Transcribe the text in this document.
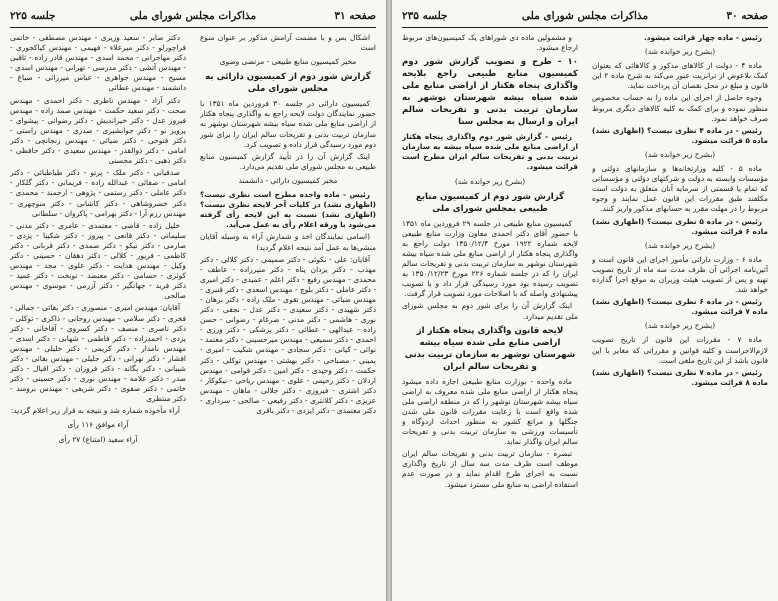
جلسه ۲۲۵	مذاکرات مجلس شورای ملی	صفحه ۳۱

اشکال بس و با مضمت آرامش مذکور بر عنوان منوع است

مخبر کمیسیون منابع طبیعی - مرتضی وضوی

گزارش شور دوم از کمیسیون دارائی به مجلس شورای ملی

کمیسیون دارائی در جلسه ۳۰ فروردین ماه ۱۳۵۱ با حضور نمایندگان دولت لایحه راجع به واگذاری پنجاه هکتار از اراضی منابع ملی شده سیاه بیشه شهرستان نوشهر به سازمان تربیت بدنی و تفریحات سالم ایران را برای شور دوم مورد رسیدگی قرار داده و تصویب کرد.

اینک گزارش آن را در تأیید گزارش کمیسیون منابع طبیعی به مجلس شورای ملی تقدیم می‌دارد.

مخبر کمیسیون دارائی - دانشمند

رئیس - ماده واحده مطرح است نظری نیست؟ (اظهاری نشد) در کلیات آخر لایحه نظری نیست؟ (اظهاری نشد) نسبت به این لایحه رأی گرفته می‌شود با ورقه اعلام رأی به عمل می‌آید.

(اسامی نمایندگان اخذ و شمارش آراء به وسیله آقایان منشی‌ها به عمل آمد نتیجه اعلام گردید)

آقایان: علی - نکوئی - دکتر صمیمی - دکتر کلالی - دکتر مهذب - دکتر یزدان پناه - دکتر منیرزاده - عاطف - محمدی - مهندس رفیع - دکتر اعلم - عمیدی - دکتر امیری - دکتر عاملی - دکتر بلوچ - مهندس اسعدی - دکتر قنبری - مهندس ضیائی - مهندس تقوی - ملک زاده - دکتر برهان - دکتر شهیدی - دکتر سعیدی - دکتر عدل - نجفی - دکتر نوری - هاشمی - دکتر مدنی - ضرغام - رضوانی - حسن زاده - عبدالهی - عطائی - دکتر پزشکی - دکتر ورزی - احمدی - دکتر سمیعی - مهندس میرحسینی - دکتر معتمد - نوائی - کیانی - دکتر سجادی - مهندس شکیب - امیری - یمینی - مصباحی - دکتر بهشتی - مهندس توکلی - دکتر حکمت - دکتر وحیدی - دکتر امین - دکتر قوامی - مهندس اردلان - دکتر رحیمی - علوی - مهندس ریاحی - نیکوکار - دکتر اشتری - فیروزی - دکتر جلالی - ماهان - مهندس عزیزی - دکتر کلانتری - دکتر رفیعی - صالحی - سرداری - دکتر معتمدی - دکتر ایزدی - دکتر باقری

دکتر صابر - سعید وزیری - مهندس مصطفی - خاتمی قراچورلو - دکتر میرعلاء - فهیمی - مهندس کیاکجوری - دکتر مهاجرانی - محمد اسدی - مهندس قادر زاده - ثاقبی - مهندس آتشی - دکتر مدرسی - تهرانی - مهندس اسدی - مسیح - مهندس جواهری - عباس میرزائی - صباغ - دانشمند - مهندس عطائی

دکتر آزاد - مهندس ناظری - دکتر احمدی - مهندس صحت - دکتر سعید حکمت - مهندس صمد زاده - مهندس فیروز عدل - دکتر خیراندیش - دکتر رضوانی - پیشوای - پرویز نو - دکتر جوانشیری - صدری - مهندس راستی - دکتر فتوحی - دکتر ضیائی - مهندس زنجانچی - دکتر امامی - دکتر ذوالقدر - مهندس سعیدی - دکتر حافظی - دکتر ذهبی - دکتر محسنی

صدقیانی - دکتر ملک - پرتو - دکتر طباطبائی - دکتر امامی - صفائی - عبدالله زاده - فریمانی - دکتر گلکار - دکتر عاملی - دکتر رستمی - پژوهی - ارجمند - محمدی - دکتر خسروشاهی - دکتر کاشانی - دکتر منوچهری - مهندس رزم آرا - دکتر بهرامی - پاکروان - سلطانی

خلیل زاده - قاضی - معتمدی - عامری - دکتر مدنی - سلیمانی - دکتر قانعی - پیروز - دکتر شکیبا - یزدی - صارمی - دکتر نیکو - دکتر صمدی - دکتر قربانی - دکتر کاظمی - فریور - کلالی - دکتر دهقان - حسینی - دکتر وکیل - مهندس هدایت - دکتر علوی - مجد - مهندس کوثری - حسامی - دکتر معتضد - نوبخت - دکتر عمید - دکتر فرید - جهانگیر - دکتر آزرمی - موسوی - مهندس صالحی

آقایان: مهندس امیری - منصوری - دکتر بقائی - جمالی - فخری - دکتر سلامی - مهندس روحانی - ذاکری - توکلی - دکتر ناصری - منصف - دکتر کسروی - آقاخانی - دکتر یزدی - احمدزاده - دکتر فاطمی - شهابی - دکتر اسدی - مهندس نامدار - دکتر کریمی - دکتر خلیلی - مهندس افشار - دکتر تهرانی - دکتر جلیلی - مهندس بقائی - دکتر شیبانی - دکتر یگانه - دکتر فروزان - دکتر اقبال - دکتر صدر - دکتر علامه - مهندس نوری - دکتر حسینی - دکتر خاتمی - دکتر صفوی - دکتر شریفی - مهندس برومند - دکتر منتظری

آراء مأخوذه شماره شد و نتیجه به قرار زیر اعلام گردید:

آراء موافق ۱۱۶ رأی

آراء سفید (امتناع) ۲۷ رأی

جلسه ۲۳۵	مذاکرات مجلس شورای ملی	صفحه ۳۰

رئیس - ماده چهار قرائت میشود.

(بشرح زیر خوانده شد)

ماده ۴ - دولت از کالاهای مذکور و کالاهائی که بعنوان کمک بلاعوض از ترانزیت عبور می‌کند به شرح ماده ۲ این قانون و مبلغ در محل نقصان آن پرداخت نماید.

وجوه حاصل از اجرای این ماده را به حساب مخصوص منظور نموده و برای کمک به کلیه کالاهای دیگری مربوط صرف خواهد نمود.

رئیس - در ماده ۴ نظری نیست؟ (اظهاری نشد) ماده ۵ قرائت میشود.

(بشرح زیر خوانده شد)

ماده ۵ - کلیه وزارتخانه‌ها و سازمانهای دولتی و مؤسسات وابسته به دولت و شرکتهای دولتی و مؤسساتی که تمام یا قسمتی از سرمایه آنان متعلق به دولت است مکلفند طبق مقررات این قانون عمل نمایند و وجوه مربوط را در مهلت مقرر به حسابهای مذکور واریز کنند.

رئیس - در ماده ۵ نظری نیست؟ (اظهاری نشد) ماده ۶ قرائت میشود.

(بشرح زیر خوانده شد)

ماده ۶ - وزارت دارائی مأمور اجرای این قانون است و آئین‌نامه اجرائی آن ظرف مدت سه ماه از تاریخ تصویب تهیه و پس از تصویب هیئت وزیران به موقع اجرا گذارده خواهد شد.

رئیس - در ماده ۶ نظری نیست؟ (اظهاری نشد) ماده ۷ قرائت میشود.

(بشرح زیر خوانده شد)

ماده ۷ - مقررات این قانون از تاریخ تصویب لازم‌الاجراست و کلیه قوانین و مقرراتی که مغایر با این قانون باشد از این تاریخ ملغی است.

رئیس - در ماده ۷ نظری نیست؟ (اظهاری نشد) ماده ۸ قرائت میشود.

و مشمولین ماده دی شوراهای یک کمیسیون‌های مربوط ارجاع میشود.

۱۰ - طرح و تصویب گزارش شور دوم کمیسیون منابع طبیعی راجع بلایحه واگذاری پنجاه هکتار از اراضی منابع ملی شده سیاه بیشه شهرستان نوشهر به سازمان تربیت بدنی و تفریحات سالم ایران و ارسال به مجلس سنا

رئیس - گزارش شور دوم واگذاری پنجاه هکتار از اراضی منابع ملی شده سیاه بیشه به سازمان تربیت بدنی و تفریحات سالم ایران مطرح است قرائت میشود.

(بشرح زیر خوانده شد)

گزارش شور دوم از کمیسیون منابع طبیعی بمجلس شورای ملی

کمیسیون منابع طبیعی در جلسه ۲۹ فروردین ماه ۱۳۵۱ با حضور آقای دکتر احمدی معاون وزارت منابع طبیعی لایحه شماره ۱۹۲۲ مورخ ۱۳۵۰/۱۲/۴ دولت راجع به واگذاری پنجاه هکتار از اراضی منابع ملی شده سیاه بیشه شهرستان نوشهر به سازمان تربیت بدنی و تفریحات سالم ایران را که در جلسه شماره ۲۲۶ مورخ ۱۳۵۰/۱۲/۲۳ به تصویب رسیده بود مورد رسیدگی قرار داد و با تصویب پیشنهادی واصله که با اصلاحات مورد تصویب قرار گرفت.

اینک گزارش آن را برای شور دوم به مجلس شورای ملی تقدیم میدارد.

لایحه قانون واگذاری پنجاه هکتار از اراضی منابع ملی شده سیاه بیشه شهرستان نوشهر به سازمان تربیت بدنی و تفریحات سالم ایران

ماده واحده - بوزارت منابع طبیعی اجازه داده میشود پنجاه هکتار از اراضی منابع ملی شده معروف به اراضی سیاه بیشه شهرستان نوشهر را که در منطقه اراضی ملی شده واقع است با رعایت مقررات قانون ملی شدن جنگلها و مراتع کشور به منظور احداث اردوگاه و تأسیسات ورزشی به سازمان تربیت بدنی و تفریحات سالم ایران واگذار نماید.

تبصره - سازمان تربیت بدنی و تفریحات سالم ایران موظف است ظرف مدت سه سال از تاریخ واگذاری نسبت به اجرای طرح اقدام نماید و در صورت عدم استفاده اراضی به منابع ملی مسترد میشود.
